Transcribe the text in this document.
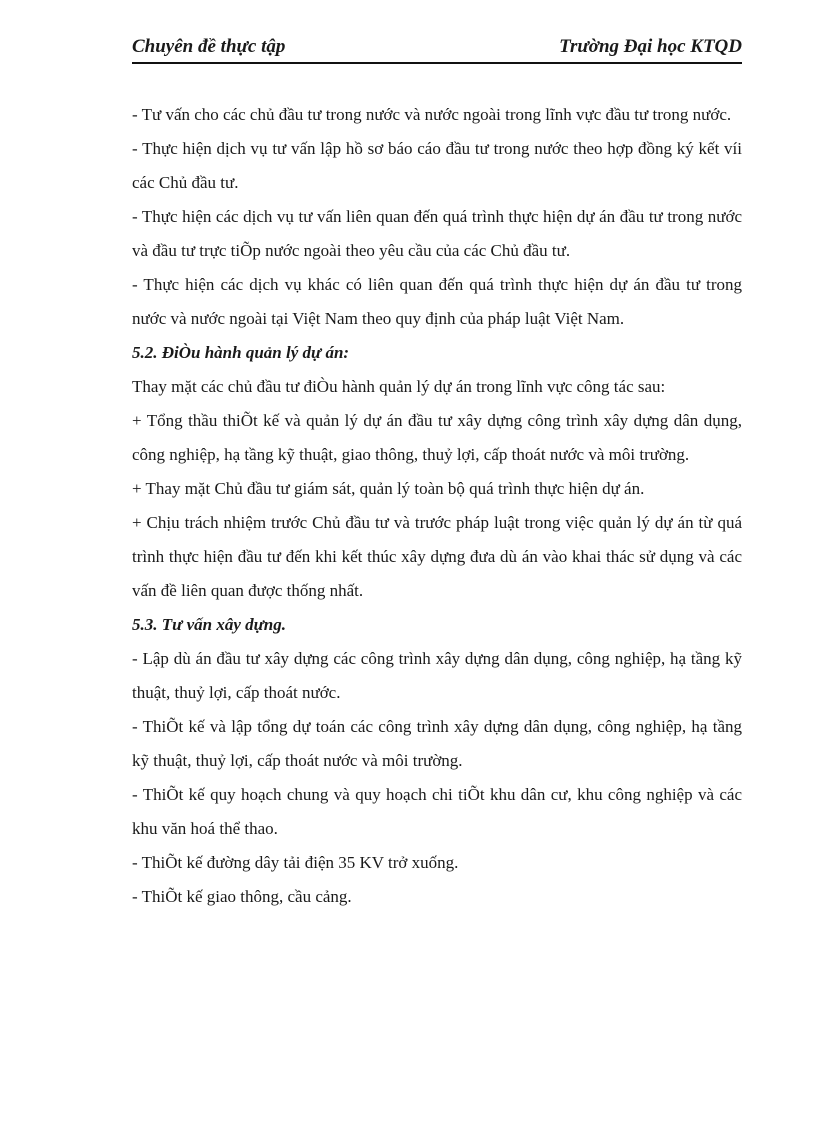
Chuyên đề thực tập	Trường Đại học KTQD

- Tư vấn cho các chủ đầu tư trong nước và nước ngoài trong lĩnh vực đầu tư trong nước.

- Thực hiện dịch vụ tư vấn lập hồ sơ báo cáo đầu tư trong nước theo hợp đồng ký kết víi các Chủ đầu tư.

- Thực hiện các dịch vụ tư vấn liên quan đến quá trình thực hiện dự án đầu tư trong nước và đầu tư trực tiÕp nước ngoài theo yêu cầu của các Chủ đầu tư.

- Thực hiện các dịch vụ khác có liên quan đến quá trình thực hiện dự án đầu tư trong nước và nước ngoài tại Việt Nam theo quy định của pháp luật Việt Nam.

5.2. ĐiÒu hành quản lý dự án:

Thay mặt các chủ đầu tư điÒu hành quản lý dự án trong lĩnh vực công tác sau:

+ Tổng thầu thiÕt kế và quản lý dự án đầu tư xây dựng công trình xây dựng dân dụng, công nghiệp, hạ tầng kỹ thuật, giao thông, thuỷ lợi, cấp thoát nước và môi trường.

+ Thay mặt Chủ đầu tư giám sát, quản lý toàn bộ quá trình thực hiện dự án.

+ Chịu trách nhiệm trước Chủ đầu tư và trước pháp luật trong việc quản lý dự án từ quá trình thực hiện đầu tư đến khi kết thúc xây dựng đưa dù án vào khai thác sử dụng và các vấn đề liên quan được thống nhất.

5.3. Tư vấn xây dựng.

- Lập dù án đầu tư xây dựng các công trình xây dựng dân dụng, công nghiệp, hạ tầng kỹ thuật, thuỷ lợi, cấp thoát nước.

- ThiÕt kế và lập tổng dự toán các công trình xây dựng dân dụng, công nghiệp, hạ tầng kỹ thuật, thuỷ lợi, cấp thoát nước và môi trường.

- ThiÕt kế quy hoạch chung và quy hoạch chi tiÕt khu dân cư, khu công nghiệp và các khu văn hoá thể thao.

- ThiÕt kế đường dây tải điện 35 KV trở xuống.

- ThiÕt kế giao thông, cầu cảng.
